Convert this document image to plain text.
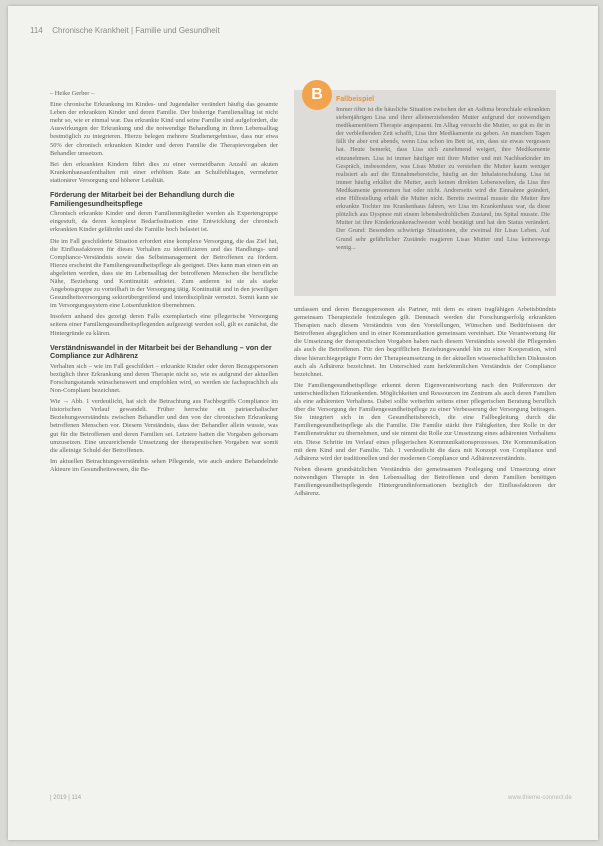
114 Chronische Krankheit | Familie und Gesundheit

– Heike Gerber –

Eine chronische Erkrankung im Kindes- und Jugendalter verändert häufig das gesamte Leben der erkrankten Kinder und deren Familie. Der bisherige Familienalltag ist nicht mehr so, wie er einmal war. Das erkrankte Kind und seine Familie sind aufgefordert, die Auswirkungen der Erkrankung und die notwendige Behandlung in ihren Lebensalltag bestmöglich zu integrieren. Hierzu belegen mehrere Studienergebnisse, dass nur etwa 50% der chronisch erkrankten Kinder und deren Familie die Therapievorgaben der Behandler umsetzen.

Bei den erkrankten Kindern führt dies zu einer vermeidbaren Anzahl an akuten Krankenhausaufenthalten mit einer erhöhten Rate an Schulfehltagen, vermehrter stationärer Versorgung und höherer Letalität.

Förderung der Mitarbeit bei der Behandlung durch die Familiengesundheitspflege

Chronisch erkrankte Kinder und deren Familienmitglieder werden als Expertengruppe eingestuft, da deren komplexe Bedarfssituation eine Entwicklung der chronisch erkrankten Kinder gefährdet und die Familie hoch belastet ist.

Die im Fall geschilderte Situation erfordert eine komplexe Versorgung, die das Ziel hat, die Einflussfaktoren für dieses Verhalten zu identifizieren und das Handlungs- und Compliance-Verständnis sowie das Selbstmanagement der Betroffenen zu fördern. Hierzu erscheint die Familiengesundheitspflege als geeignet. Dies kann man einen ein an abgeleiten werden, dass sie im Lebensalltag der betroffenen Menschen die berufliche Nähe, Beziehung und Kontinuität anbietet. Zum anderen ist sie als starke Angebotsgruppe zu vorteilhaft in der Versorgung tätig. Kontinuität und in den jeweiligen Gesundheitsversorgung sektorübergreifend und interdisziplinär vernetzt. Somit kann sie im Versorgungssystem eine Lotsenfunktion übernehmen.

Insofern anhand des gezeigt deren Falls exemplarisch eine pflegerische Versorgung seitens einer Familiengesundheitspflegenden aufgezeigt werden soll, gilt es zunächst, die Hintergründe zu klären.

Verständniswandel in der Mitarbeit bei der Behandlung – von der Compliance zur Adhärenz

Verhalten sich – wie im Fall geschildert – erkrankte Kinder oder deren Bezugspersonen bezüglich ihrer Erkrankung und deren Therapie nicht so, wie es aufgrund der aktuellen Forschungsstands wünschenswert und empfohlen wird, so werden sie fachsprachlich als Non-Compliant bezeichnet.

Wie → Abb. 1 verdeutlicht, hat sich die Betrachtung aus Fachbegriffs Compliance im historischen Verlauf gewandelt. Früher herrschte ein patriarchalischer Beziehungsverständnis zwischen Behandler und den von der chronischen Erkrankung betroffenen Menschen vor. Diesem Verständnis, dass der Behandler allein wusste, was gut für die Betroffenen und deren Familien sei. Letztere hatten die Vorgaben gehorsam umzusetzen. Eine unzureichende Umsetzung der therapeutischen Vorgaben war somit die alleinige Schuld der Betroffenen.

Im aktuellen Betrachtungsverständnis sehen Pflegende, wie auch andere Behandelnde Akteure im Gesundheitswesen, die Be-

Fallbeispiel

Immer öfter ist die häusliche Situation zwischen der an Asthma bronchiale erkrankten siebenjährigen Lisa und ihrer alleinerziehenden Mutter aufgrund der notwendigen medikamentösen Therapie angespannt. Im Alltag versucht die Mutter, so gut es ihr in der verbleibenden Zeit schafft, Lisa ihre Medikamente zu geben. An manchen Tagen fällt ihr aber erst abends, wenn Lisa schon im Bett ist, ein, dass sie etwas vergessen hat. Heute bemerkt, dass Lisa sich zunehmend weigert, ihre Medikamente einzunehmen. Lisa ist immer häufiger mit ihrer Mutter und mit Nachbarkinder im Gespräch, insbesondere, was Lisas Mutter zu verstehen die Mutter kaum weniger realisiert als auf die Einnahmebereiche, häufig an der Inhalatorschulung. Lisa ist immer häufig erkältet die Mutter, auch keinen direkten Lebenswelten, da Lisa ihre Medikamente genommen hat oder nicht. Andrerseits wird die Einnahme geändert, eine Hilfestellung erhält die Mutter nicht. Bereits zweimal musste die Mutter ihre erkrankte Tochter ins Krankenhaus fahren, wo Lisa im Krankenhaus war, da diese plötzlich aus Dyspnoe mit einem lebensbedrohlichen Zustand, ins Spital musste. Die Mutter ist ihre Kinderkrankenschwester wohl bestätigt und hat den Status verändert. Der Grund: Besonders schwierige Situationen, die zweimal für Lisas Leben. Auf Grund sehr gefährlicher Zustände reagieren Lisas Mutter und Lisa keineswegs wenig...

B

umfassen und deren Bezugspersonen als Partner, mit dem es einen tragfähigen Arbeitsbündnis gemeinsam Therapieziele festzulegen gilt. Demnach werden die Forschungserfolg erkrankten Therapien nach diesem Verständnis von den Vorstellungen, Wünschen und Bedürfnissen der Betroffenen abgeglichen und in einer Kommunikation gemeinsam vereinbart. Die Verantwortung für die Umsetzung der therapeutischen Vorgaben haben nach diesem Verständnis sowohl die Pflegenden als auch die Betroffenen. Für den begrifflichen Beziehungswandel hin zu einer Kooperation, wird diese hierarchiegeprägte Form der Therapieumsetzung in der aktuellen wissenschaftlichen Diskussion auch als Adhärenz bezeichnet. Im Unterschied zum herkömmlichen Verständnis der Compliance bezeichnet.

Die Familiengesundheitspflege erkennt deren Eigenverantwortung nach den Präferenzen der unterschiedlichen Erkrankenden. Möglichkeiten und Ressourcen im Zentrum als auch deren Familien als eine adhärenten Verhaltens. Dabei sollte weiterhin seitens einer pflegerischen Beratung beruflich über die Versorgung der Familiengesundheitspflege zu einer Verbesserung der Versorgung beitragen. Sie integriert sich in den Gesundheitsbereich, die eine Fallbegleitung durch die Familiengesundheitspflege als die Familie. Die Familie stärkt ihre Fähigkeiten, ihre Rolle in der Familienstruktur zu übernehmen, und sie nimmt die Rolle zur Umsetzung eines adhärenten Verhaltens ein. Diese Schritte im Verlauf eines pflegerischen Kommunikationsprozesses. Die Kommunikation mit dem Kind und der Familie. Tab. 1 verdeutlicht die dazu mit Konzept von Compliance und Adhärenz wird der traditionellen und der modernen Compliance und Adhärenzverständnis.

Neben diesem grundsätzlichen Verständnis der gemeinsamen Festlegung und Umsetzung einer notwendigen Therapie in den Lebensalltag der Betroffenen und deren Familien benötigen Familiengesundheitspflegende Hintergrundinformationen bezüglich der Einflussfaktoren der Adhärenz.

| 2019 | 114	www.thieme-connect.de
